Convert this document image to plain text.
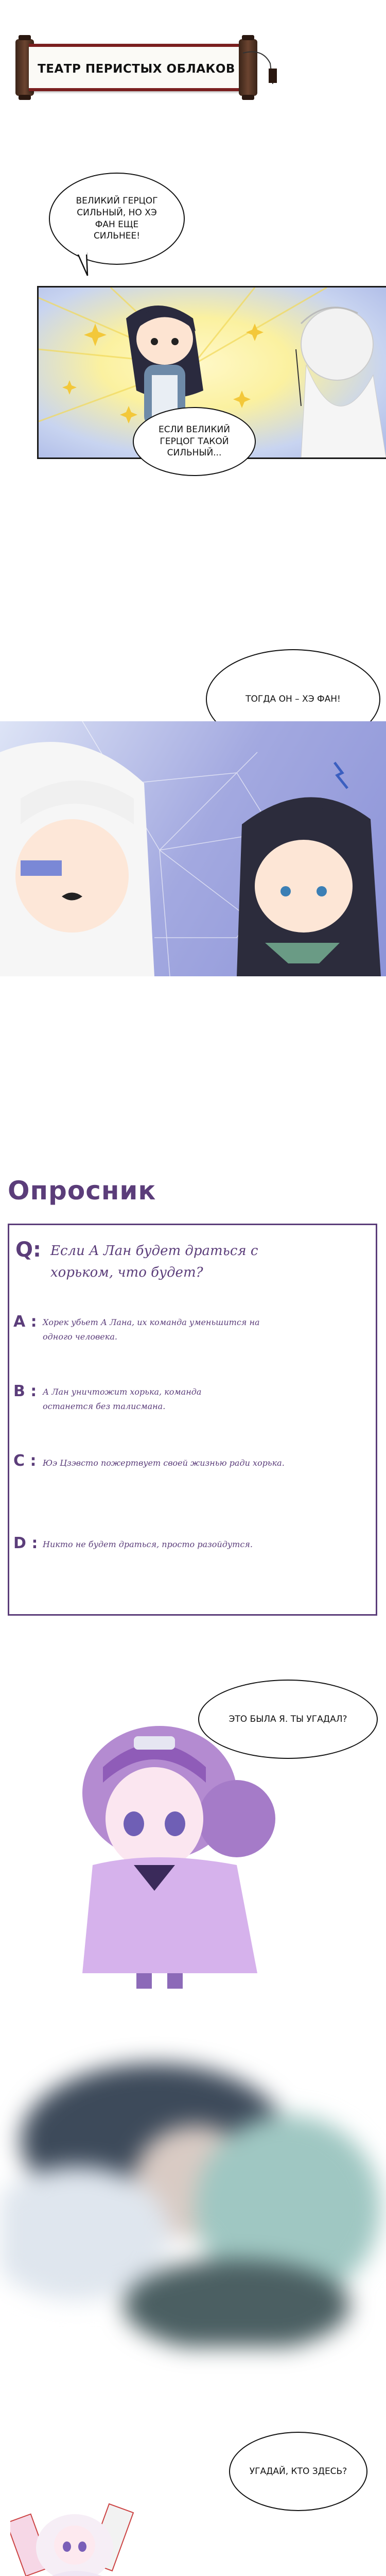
ТЕАТР ПЕРИСТЫХ ОБЛАКОВ
ВЕЛИКИЙ ГЕРЦОГ СИЛЬНЫЙ, НО ХЭ ФАН ЕЩЕ СИЛЬНЕЕ!
ЕСЛИ ВЕЛИКИЙ ГЕРЦОГ ТАКОЙ СИЛЬНЫЙ...
ТОГДА ОН – ХЭ ФАН!
Опросник
Q: Если А Лан будет драться с хорьком, что будет?
A : Хорек убьет А Лана, их команда уменьшится на одного человека.
B : А Лан уничтожит хорька, команда останется без талисмана.
C : Юэ Цзэвсто пожертвует своей жизнью ради хорька.
D : Никто не будет драться, просто разойдутся.
ЭТО БЫЛА Я. ТЫ УГАДАЛ?
УГАДАЙ, КТО ЗДЕСЬ?
